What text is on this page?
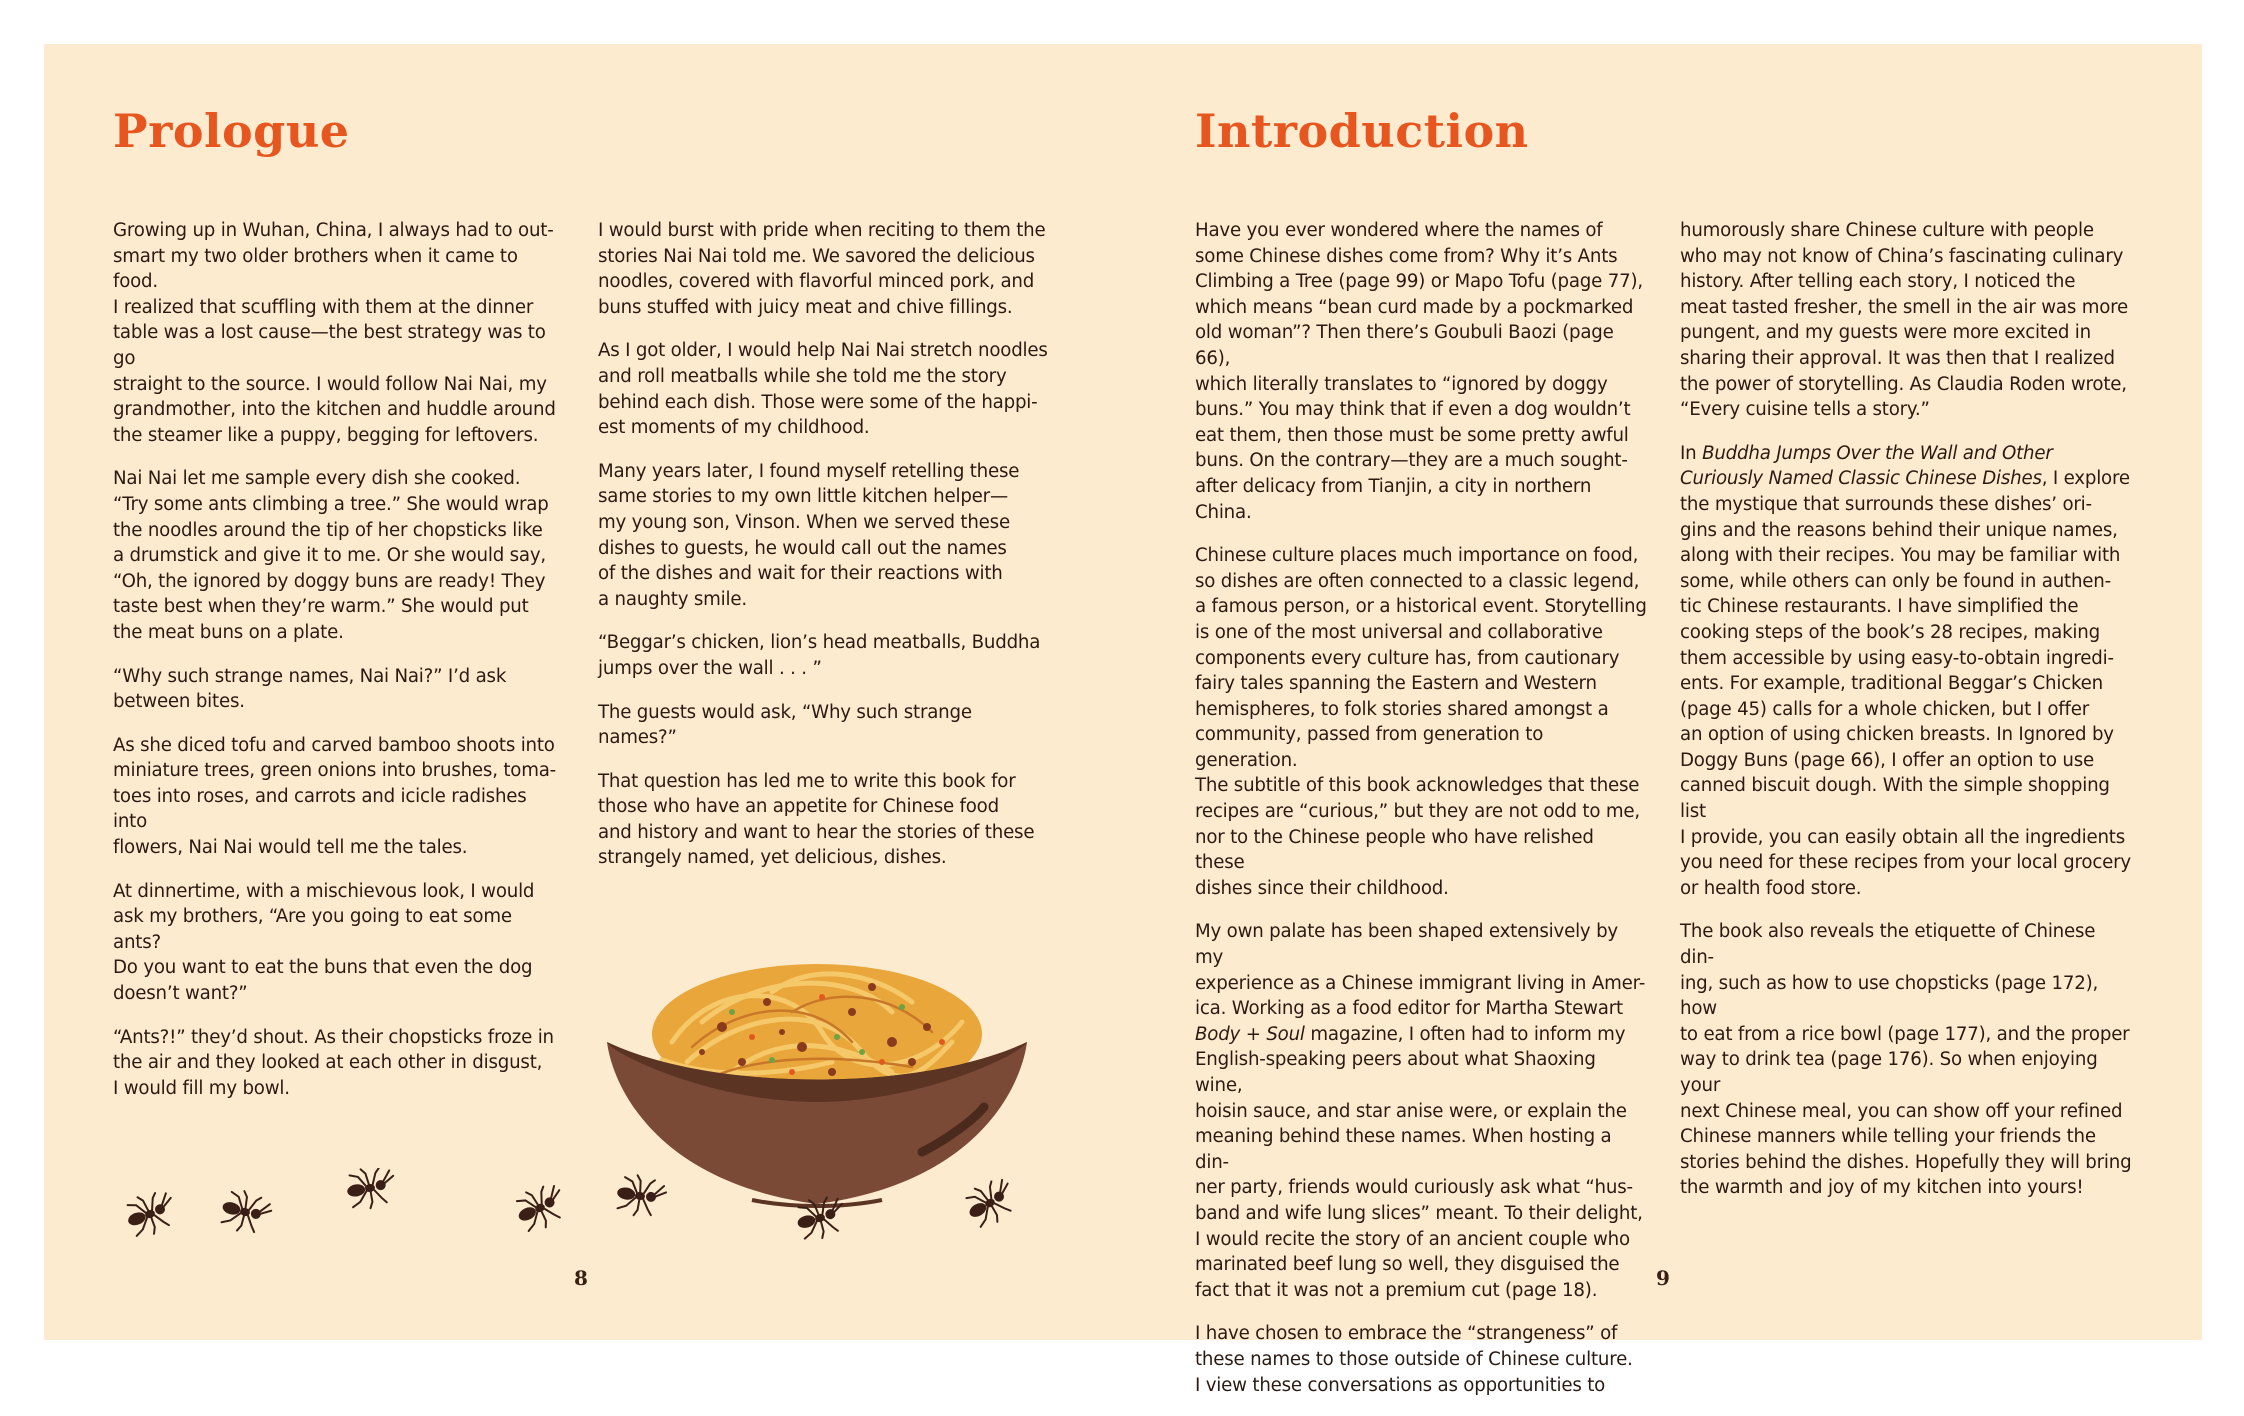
Prologue

Growing up in Wuhan, China, I always had to out-
smart my two older brothers when it came to food.
I realized that scuffling with them at the dinner
table was a lost cause—the best strategy was to go
straight to the source. I would follow Nai Nai, my
grandmother, into the kitchen and huddle around
the steamer like a puppy, begging for leftovers.

Nai Nai let me sample every dish she cooked.
“Try some ants climbing a tree.” She would wrap
the noodles around the tip of her chopsticks like
a drumstick and give it to me. Or she would say,
“Oh, the ignored by doggy buns are ready! They
taste best when they’re warm.” She would put
the meat buns on a plate.

“Why such strange names, Nai Nai?” I’d ask
between bites.

As she diced tofu and carved bamboo shoots into
miniature trees, green onions into brushes, toma-
toes into roses, and carrots and icicle radishes into
flowers, Nai Nai would tell me the tales.

At dinnertime, with a mischievous look, I would
ask my brothers, “Are you going to eat some ants?
Do you want to eat the buns that even the dog
doesn’t want?”

“Ants?!” they’d shout. As their chopsticks froze in
the air and they looked at each other in disgust,
I would fill my bowl.

I would burst with pride when reciting to them the
stories Nai Nai told me. We savored the delicious
noodles, covered with flavorful minced pork, and
buns stuffed with juicy meat and chive fillings.

As I got older, I would help Nai Nai stretch noodles
and roll meatballs while she told me the story
behind each dish. Those were some of the happi-
est moments of my childhood.

Many years later, I found myself retelling these
same stories to my own little kitchen helper—
my young son, Vinson. When we served these
dishes to guests, he would call out the names
of the dishes and wait for their reactions with
a naughty smile.

“Beggar’s chicken, lion’s head meatballs, Buddha
jumps over the wall . . . ”

The guests would ask, “Why such strange names?”

That question has led me to write this book for
those who have an appetite for Chinese food
and history and want to hear the stories of these
strangely named, yet delicious, dishes.

8
Introduction

Have you ever wondered where the names of
some Chinese dishes come from? Why it’s Ants
Climbing a Tree (page 99) or Mapo Tofu (page 77),
which means “bean curd made by a pockmarked
old woman”? Then there’s Goubuli Baozi (page 66),
which literally translates to “ignored by doggy
buns.” You may think that if even a dog wouldn’t
eat them, then those must be some pretty awful
buns. On the contrary—they are a much sought-
after delicacy from Tianjin, a city in northern China.

Chinese culture places much importance on food,
so dishes are often connected to a classic legend,
a famous person, or a historical event. Storytelling
is one of the most universal and collaborative
components every culture has, from cautionary
fairy tales spanning the Eastern and Western
hemispheres, to folk stories shared amongst a
community, passed from generation to generation.
The subtitle of this book acknowledges that these
recipes are “curious,” but they are not odd to me,
nor to the Chinese people who have relished these
dishes since their childhood.

My own palate has been shaped extensively by my
experience as a Chinese immigrant living in Amer-
ica. Working as a food editor for Martha Stewart
Body + Soul magazine, I often had to inform my
English-speaking peers about what Shaoxing wine,
hoisin sauce, and star anise were, or explain the
meaning behind these names. When hosting a din-
ner party, friends would curiously ask what “hus-
band and wife lung slices” meant. To their delight,
I would recite the story of an ancient couple who
marinated beef lung so well, they disguised the
fact that it was not a premium cut (page 18).

I have chosen to embrace the “strangeness” of
these names to those outside of Chinese culture.
I view these conversations as opportunities to

humorously share Chinese culture with people
who may not know of China’s fascinating culinary
history. After telling each story, I noticed the
meat tasted fresher, the smell in the air was more
pungent, and my guests were more excited in
sharing their approval. It was then that I realized
the power of storytelling. As Claudia Roden wrote,
“Every cuisine tells a story.”

In Buddha Jumps Over the Wall and Other
Curiously Named Classic Chinese Dishes, I explore
the mystique that surrounds these dishes’ ori-
gins and the reasons behind their unique names,
along with their recipes. You may be familiar with
some, while others can only be found in authen-
tic Chinese restaurants. I have simplified the
cooking steps of the book’s 28 recipes, making
them accessible by using easy-to-obtain ingredi-
ents. For example, traditional Beggar’s Chicken
(page 45) calls for a whole chicken, but I offer
an option of using chicken breasts. In Ignored by
Doggy Buns (page 66), I offer an option to use
canned biscuit dough. With the simple shopping list
I provide, you can easily obtain all the ingredients
you need for these recipes from your local grocery
or health food store.

The book also reveals the etiquette of Chinese din-
ing, such as how to use chopsticks (page 172), how
to eat from a rice bowl (page 177), and the proper
way to drink tea (page 176). So when enjoying your
next Chinese meal, you can show off your refined
Chinese manners while telling your friends the
stories behind the dishes. Hopefully they will bring
the warmth and joy of my kitchen into yours!

9
